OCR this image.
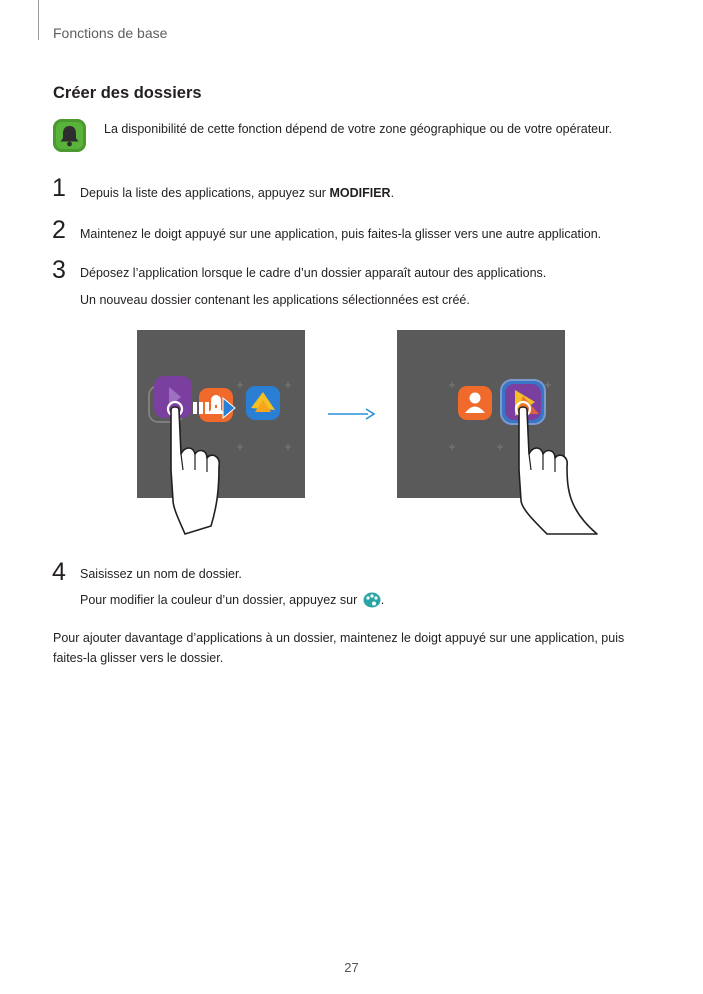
Fonctions de base
Créer des dossiers
La disponibilité de cette fonction dépend de votre zone géographique ou de votre opérateur.
1 Depuis la liste des applications, appuyez sur MODIFIER.
2 Maintenez le doigt appuyé sur une application, puis faites-la glisser vers une autre application.
3 Déposez l’application lorsque le cadre d’un dossier apparaît autour des applications.
Un nouveau dossier contenant les applications sélectionnées est créé.
4 Saisissez un nom de dossier.
Pour modifier la couleur d’un dossier, appuyez sur .
Pour ajouter davantage d’applications à un dossier, maintenez le doigt appuyé sur une application, puis faites-la glisser vers le dossier.
27
